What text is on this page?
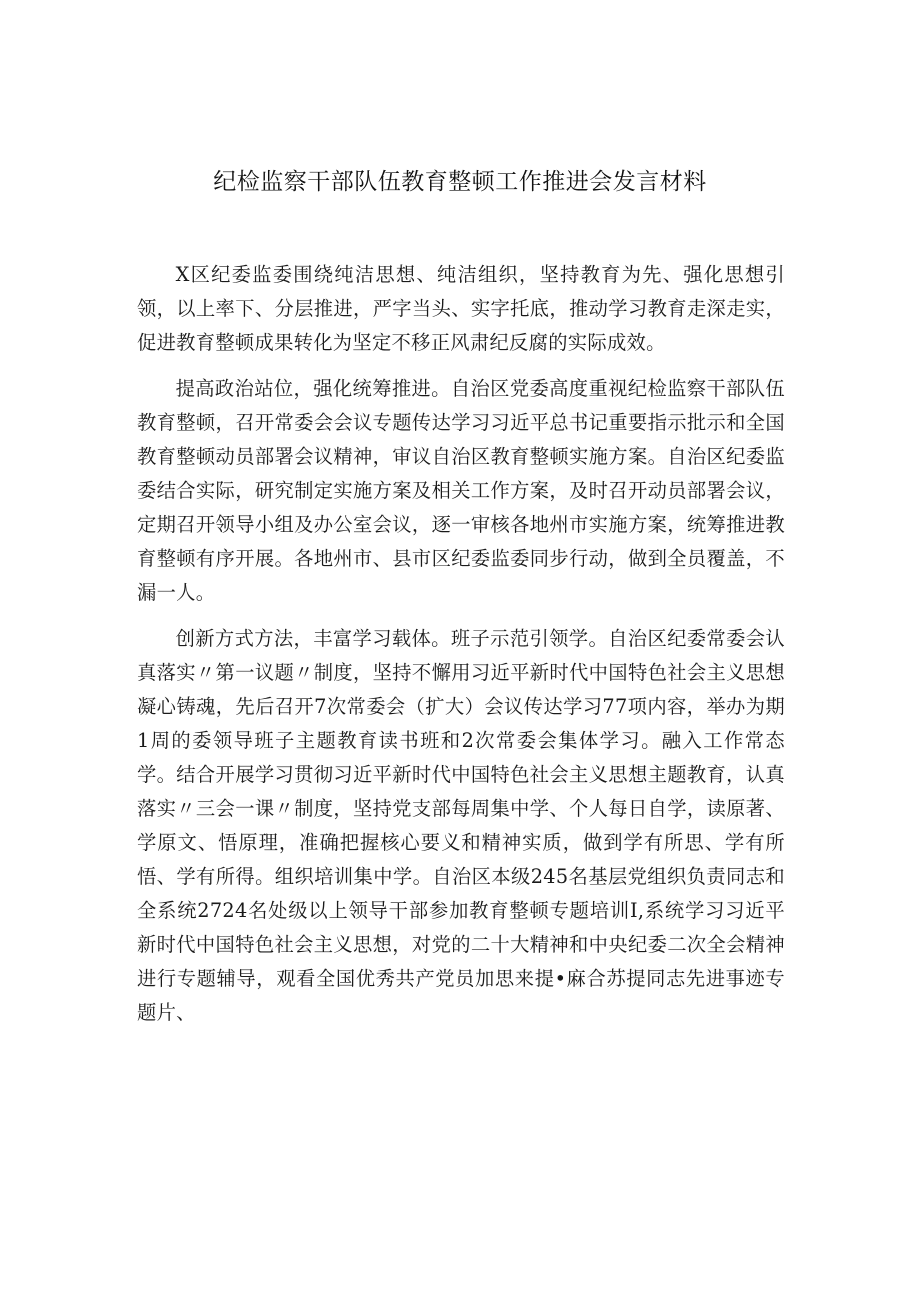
纪检监察干部队伍教育整顿工作推进会发言材料

X区纪委监委围绕纯洁思想、纯洁组织，坚持教育为先、强化思想引领，以上率下、分层推进，严字当头、实字托底，推动学习教育走深走实，促进教育整顿成果转化为坚定不移正风肃纪反腐的实际成效。

提高政治站位，强化统筹推进。自治区党委高度重视纪检监察干部队伍教育整顿，召开常委会会议专题传达学习习近平总书记重要指示批示和全国教育整顿动员部署会议精神，审议自治区教育整顿实施方案。自治区纪委监委结合实际，研究制定实施方案及相关工作方案，及时召开动员部署会议，定期召开领导小组及办公室会议，逐一审核各地州市实施方案，统筹推进教育整顿有序开展。各地州市、县市区纪委监委同步行动，做到全员覆盖，不漏一人。

创新方式方法，丰富学习载体。班子示范引领学。自治区纪委常委会认真落实〃第一议题〃制度，坚持不懈用习近平新时代中国特色社会主义思想凝心铸魂，先后召开7次常委会（扩大）会议传达学习77项内容，举办为期1周的委领导班子主题教育读书班和2次常委会集体学习。融入工作常态学。结合开展学习贯彻习近平新时代中国特色社会主义思想主题教育，认真落实〃三会一课〃制度，坚持党支部每周集中学、个人每日自学，读原著、学原文、悟原理，准确把握核心要义和精神实质，做到学有所思、学有所悟、学有所得。组织培训集中学。自治区本级245名基层党组织负责同志和全系统2724名处级以上领导干部参加教育整顿专题培训I,系统学习习近平新时代中国特色社会主义思想，对党的二十大精神和中央纪委二次全会精神进行专题辅导，观看全国优秀共产党员加思来提•麻合苏提同志先进事迹专题片、
